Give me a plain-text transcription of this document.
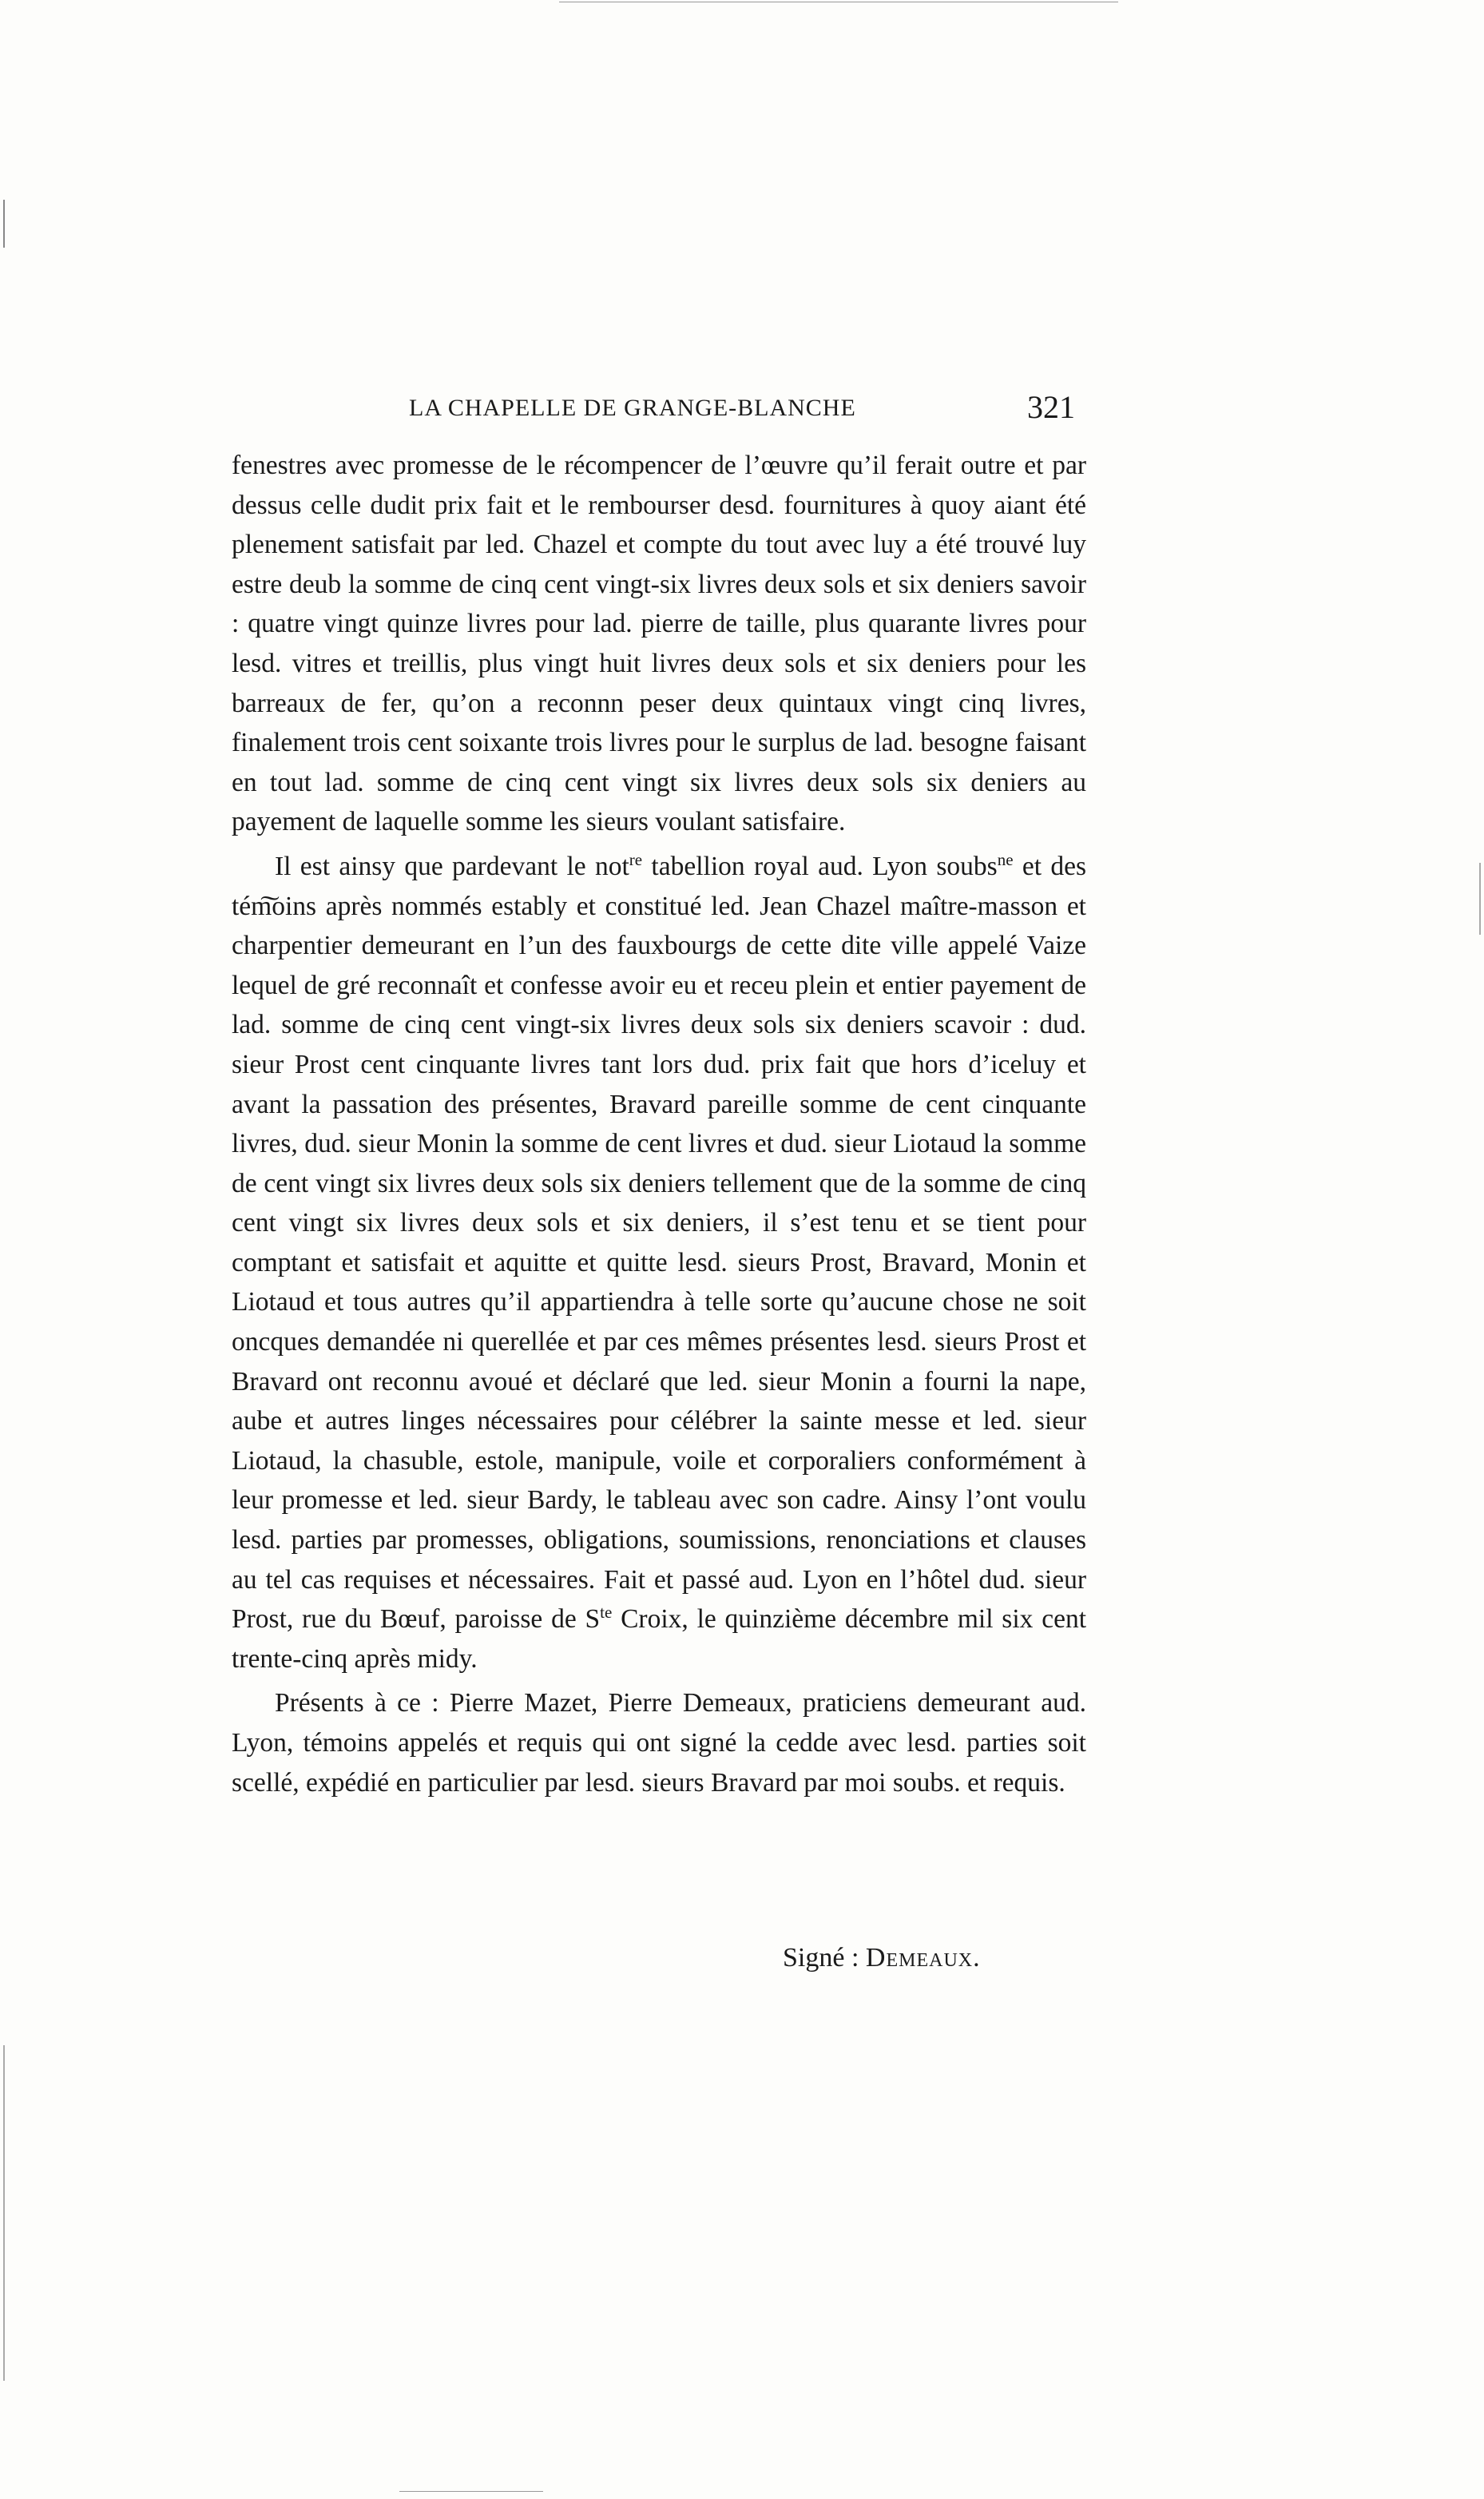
LA CHAPELLE DE GRANGE-BLANCHE	321

fenestres avec promesse de le récompencer de l’œuvre qu’il ferait outre et par dessus celle dudit prix fait et le rembourser desd. fournitures à quoy aiant été plenement satisfait par led. Chazel et compte du tout avec luy a été trouvé luy estre deub la somme de cinq cent vingt-six livres deux sols et six deniers savoir : quatre vingt quinze livres pour lad. pierre de taille, plus quarante livres pour lesd. vitres et treillis, plus vingt huit livres deux sols et six deniers pour les barreaux de fer, qu’on a reconnn peser deux quintaux vingt cinq livres, finalement trois cent soixante trois livres pour le surplus de lad. besogne faisant en tout lad. somme de cinq cent vingt six livres deux sols six deniers au payement de laquelle somme les sieurs voulant satisfaire.

Il est ainsy que pardevant le not$^{re}$ tabellion royal aud. Lyon soubs$^{ne}$ et des tém͠oins après nommés estably et constitué led. Jean Chazel maître-masson et charpentier demeurant en l’un des fauxbourgs de cette dite ville appelé Vaize lequel de gré reconnaît et confesse avoir eu et receu plein et entier payement de lad. somme de cinq cent vingt-six livres deux sols six deniers scavoir : dud. sieur Prost cent cinquante livres tant lors dud. prix fait que hors d’iceluy et avant la passation des présentes, Bravard pareille somme de cent cinquante livres, dud. sieur Monin la somme de cent livres et dud. sieur Liotaud la somme de cent vingt six livres deux sols six deniers tellement que de la somme de cinq cent vingt six livres deux sols et six deniers, il s’est tenu et se tient pour comptant et satisfait et aquitte et quitte lesd. sieurs Prost, Bravard, Monin et Liotaud et tous autres qu’il appartiendra à telle sorte qu’aucune chose ne soit oncques demandée ni querellée et par ces mêmes présentes lesd. sieurs Prost et Bravard ont reconnu avoué et déclaré que led. sieur Monin a fourni la nape, aube et autres linges nécessaires pour célébrer la sainte messe et led. sieur Liotaud, la chasuble, estole, manipule, voile et corporaliers conformément à leur promesse et led. sieur Bardy, le tableau avec son cadre. Ainsy l’ont voulu lesd. parties par promesses, obligations, soumissions, renonciations et clauses au tel cas requises et nécessaires. Fait et passé aud. Lyon en l’hôtel dud. sieur Prost, rue du Bœuf, paroisse de $S^{te}$ Croix, le quinzième décembre mil six cent trente-cinq après midy.

Présents à ce : Pierre Mazet, Pierre Demeaux, praticiens demeurant aud. Lyon, témoins appelés et requis qui ont signé la cedde avec lesd. parties soit scellé, expédié en particulier par lesd. sieurs Bravard par moi soubs. et requis.

Signé : Demeaux.
